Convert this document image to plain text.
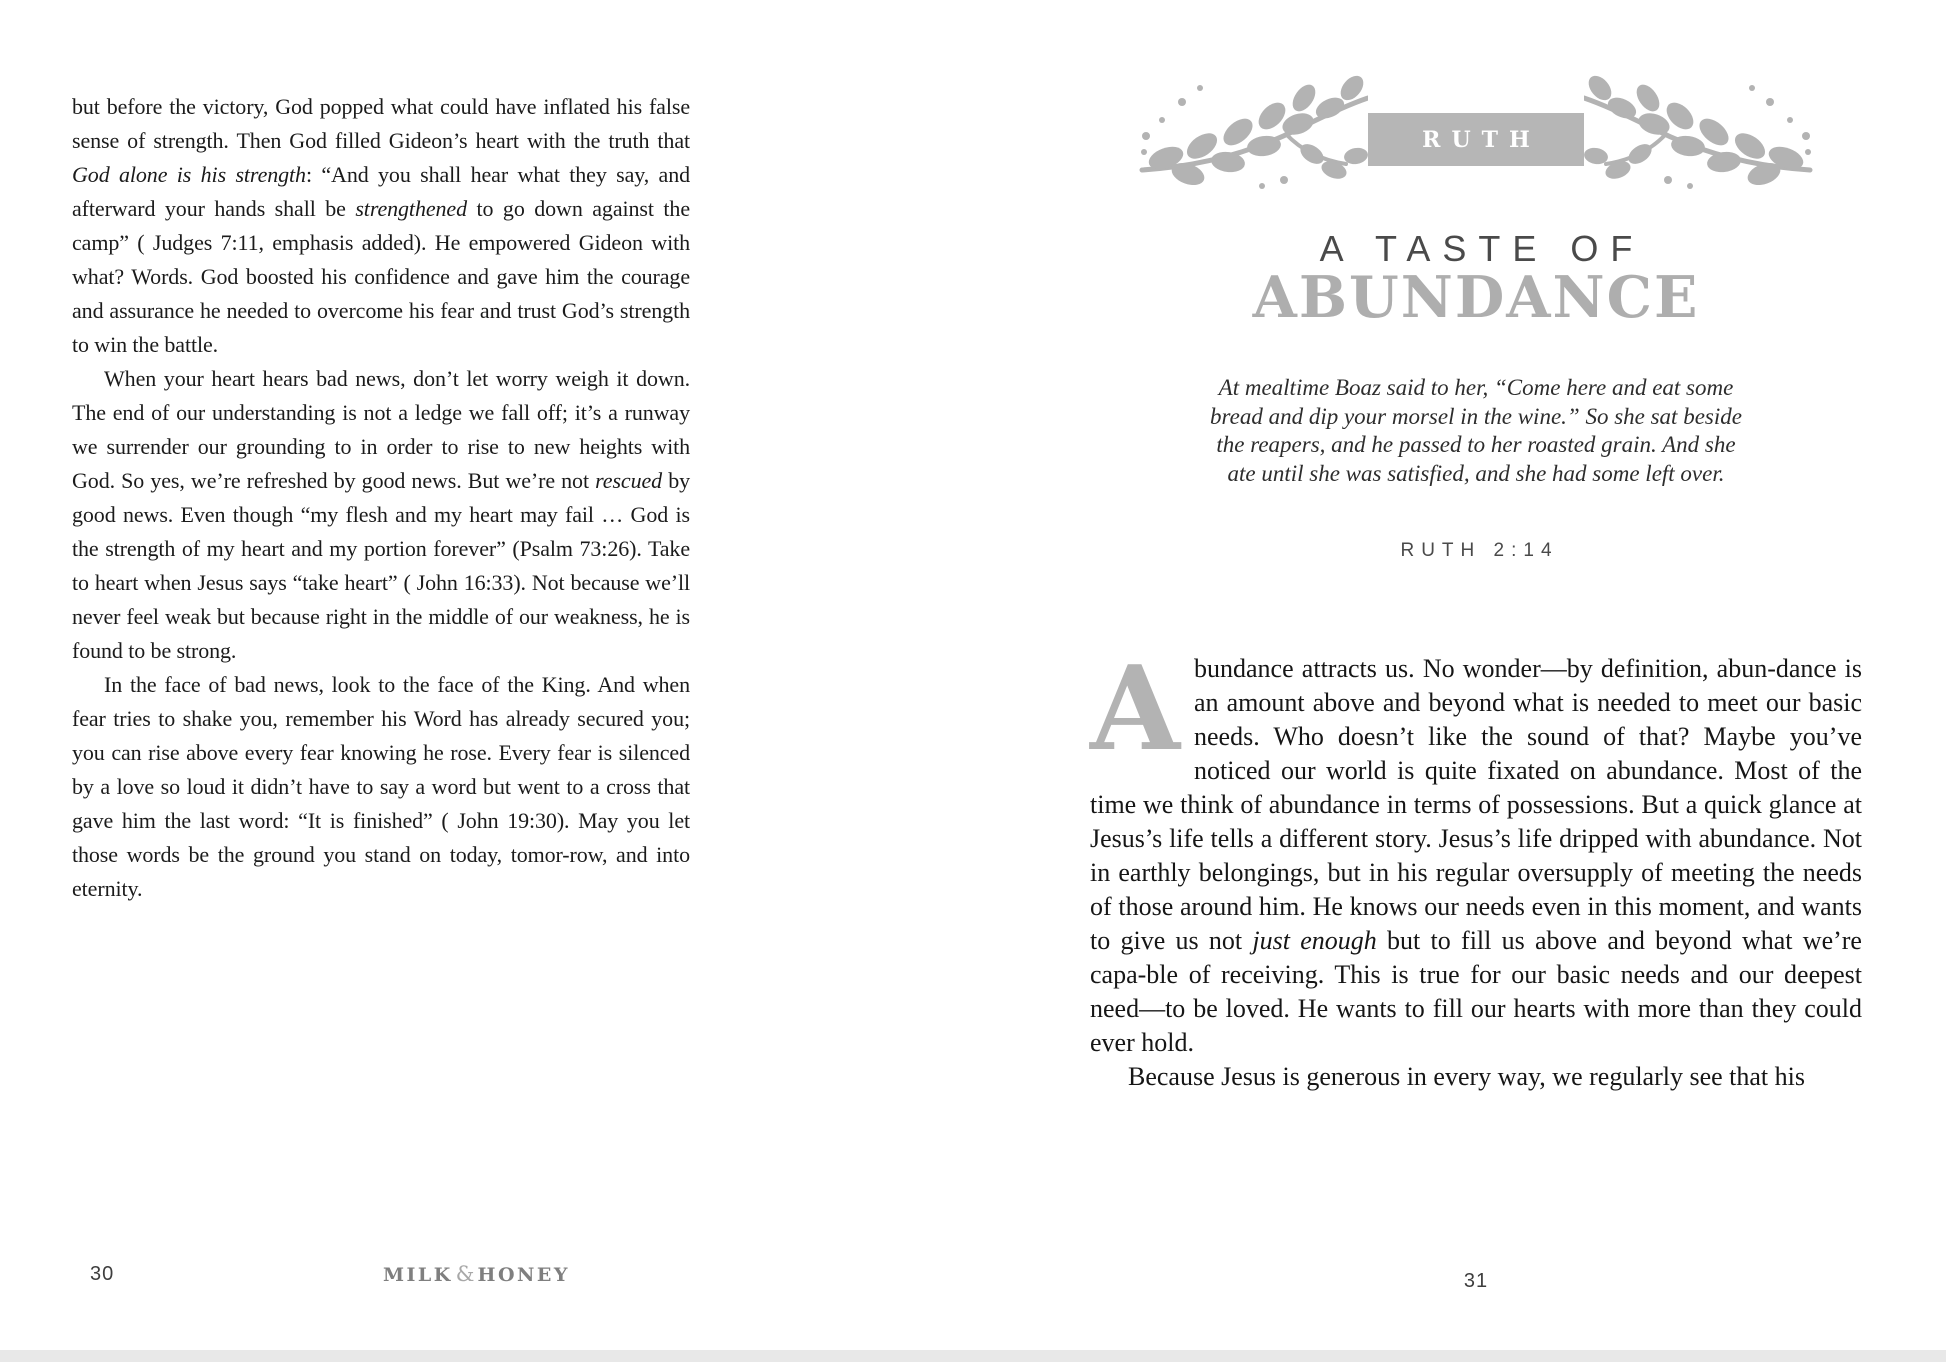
but before the victory, God popped what could have inflated his false sense of strength. Then God filled Gideon’s heart with the truth that God alone is his strength: “And you shall hear what they say, and afterward your hands shall be strengthened to go down against the camp” ( Judges 7:11, emphasis added). He empowered Gideon with what? Words. God boosted his confidence and gave him the courage and assurance he needed to overcome his fear and trust God’s strength to win the battle.

When your heart hears bad news, don’t let worry weigh it down. The end of our understanding is not a ledge we fall off; it’s a runway we surrender our grounding to in order to rise to new heights with God. So yes, we’re refreshed by good news. But we’re not rescued by good news. Even though “my flesh and my heart may fail … God is the strength of my heart and my portion forever” (Psalm 73:26). Take to heart when Jesus says “take heart” ( John 16:33). Not because we’ll never feel weak but because right in the middle of our weakness, he is found to be strong.

In the face of bad news, look to the face of the King. And when fear tries to shake you, remember his Word has already secured you; you can rise above every fear knowing he rose. Every fear is silenced by a love so loud it didn’t have to say a word but went to a cross that gave him the last word: “It is finished” ( John 19:30). May you let those words be the ground you stand on today, tomor-row, and into eternity.

30	MILK & HONEY
RUTH
A TASTE OF
ABUNDANCE
At mealtime Boaz said to her, “Come here and eat some
bread and dip your morsel in the wine.” So she sat beside
the reapers, and he passed to her roasted grain. And she
ate until she was satisfied, and she had some left over.
RUTH 2:14

Abundance attracts us. No wonder—by definition, abun-dance is an amount above and beyond what is needed to meet our basic needs. Who doesn’t like the sound of that? Maybe you’ve noticed our world is quite fixated on abundance. Most of the time we think of abundance in terms of possessions. But a quick glance at Jesus’s life tells a different story. Jesus’s life dripped with abundance. Not in earthly belongings, but in his regular oversupply of meeting the needs of those around him. He knows our needs even in this moment, and wants to give us not just enough but to fill us above and beyond what we’re capa-ble of receiving. This is true for our basic needs and our deepest need—to be loved. He wants to fill our hearts with more than they could ever hold.

Because Jesus is generous in every way, we regularly see that his

31
